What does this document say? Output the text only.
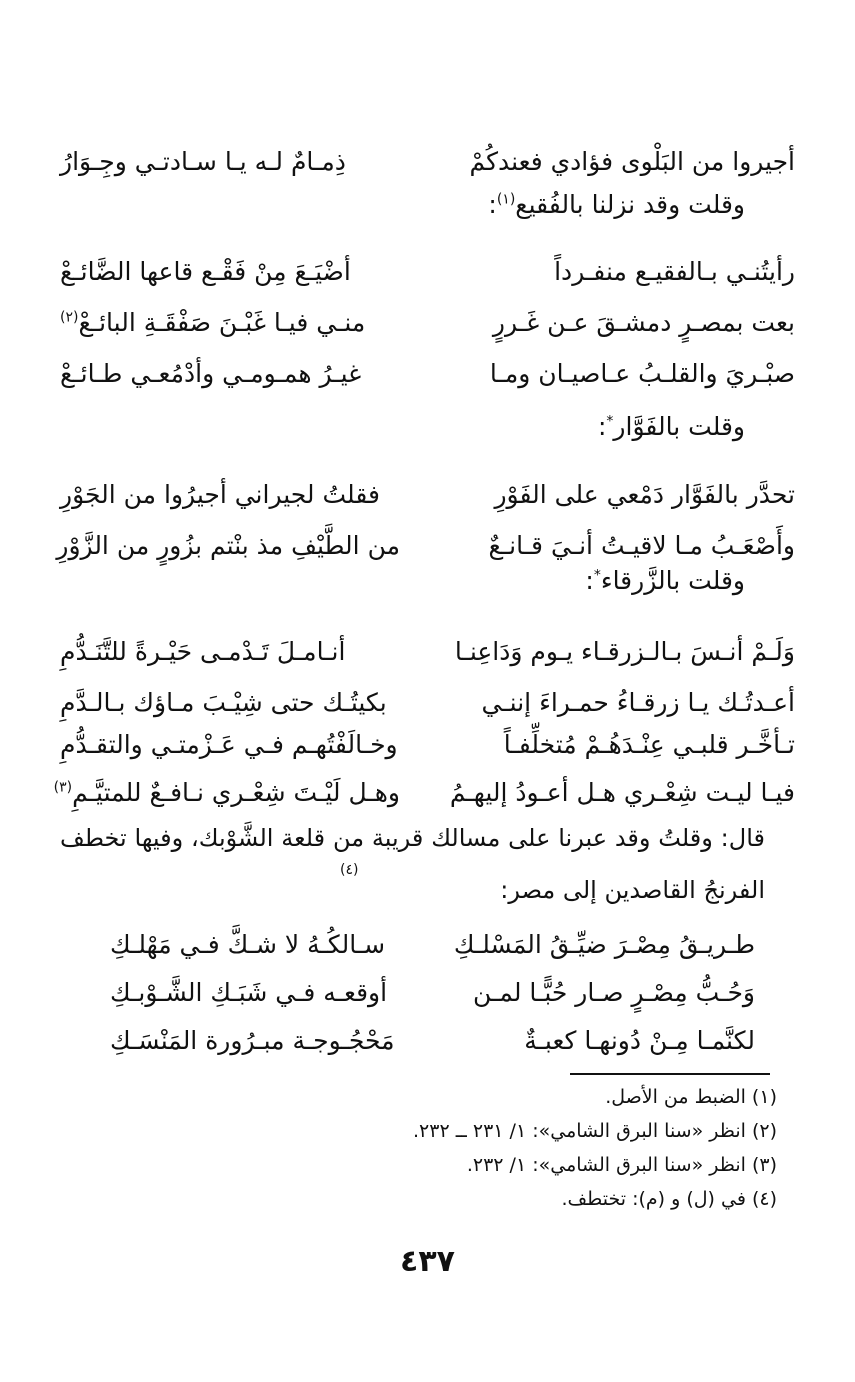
أجيروا من البَلْوى فؤادي فعندكُمْ
ذِمـامٌ لـه يـا سـادتـي وجِـوَارُ
وقلت وقد نزلنا بالفُقيع$^{(١)}$:
رأيتُنـي بـالفقيـع منفـرداً
أضْيَـعَ مِنْ فَقْـع قاعها الضَّائـعْ
بعت بمصـرٍ دمشـقَ عـن غَـررٍ
منـي فيـا غَبْـنَ صَفْقَـةِ البائـعْ$^{(٢)}$
صبْـريَ والقلـبُ عـاصيـان ومـا
غيـرُ همـومـي وأدْمُعـي طـائـعْ
وقلت بالفَوَّار*:
تحدَّر بالفَوَّار دَمْعي على الفَوْرِ
فقلتُ لجيراني أجيرُوا من الجَوْرِ
وأَصْعَـبُ مـا لاقيـتُ أنـيَ قـانـعٌ
من الطَّيْفِ مذ بنْتم بزُورٍ من الزَّوْرِ
وقلت بالزَّرقاء*:
وَلَـمْ أنـسَ بـالـزرقـاء يـوم وَدَاعِنـا
أنـامـلَ تَـدْمـى حَيْـرةً للتَّنَـدُّمِ
أعـدتُـك يـا زرقـاءُ حمـراءَ إننـي
بكيتُـك حتى شِيْـبَ مـاؤك بـالـدَّمِ
تـأخَّـر قلبـي عِنْـدَهُـمْ مُتخلِّفـاً
وخـالَفْتُهـم فـي عَـزْمتـي والتقـدُّمِ
فيـا ليـت شِعْـري هـل أعـودُ إليهـمُ
وهـل لَيْـتَ شِعْـري نـافـعٌ للمتيَّـمِ$^{(٣)}$
قال: وقلتُ وقد عبرنا على مسالك قريبة من قلعة الشَّوْبك، وفيها تخطف الفرنجُ القاصدين إلى مصر:
(٤)
طـريـقُ مِصْـرَ ضيِّـقُ المَسْلـكِ
سـالكُـهُ لا شـكَّ فـي مَهْلـكِ
وَحُـبُّ مِصْـرٍ صـار حُبًّـا لمـن
أوقعـه فـي شَبَـكِ الشَّـوْبـكِ
لكنَّمـا مِـنْ دُونهـا كعبـةٌ
مَحْجُـوجـة مبـرُورة المَنْسَـكِ
(١) الضبط من الأصل.
(٢) انظر «سنا البرق الشامي»: ١/ ٢٣١ ــ ٢٣٢.
(٣) انظر «سنا البرق الشامي»: ١/ ٢٣٢.
(٤) في (ل) و (م): تختطف.
٤٣٧
